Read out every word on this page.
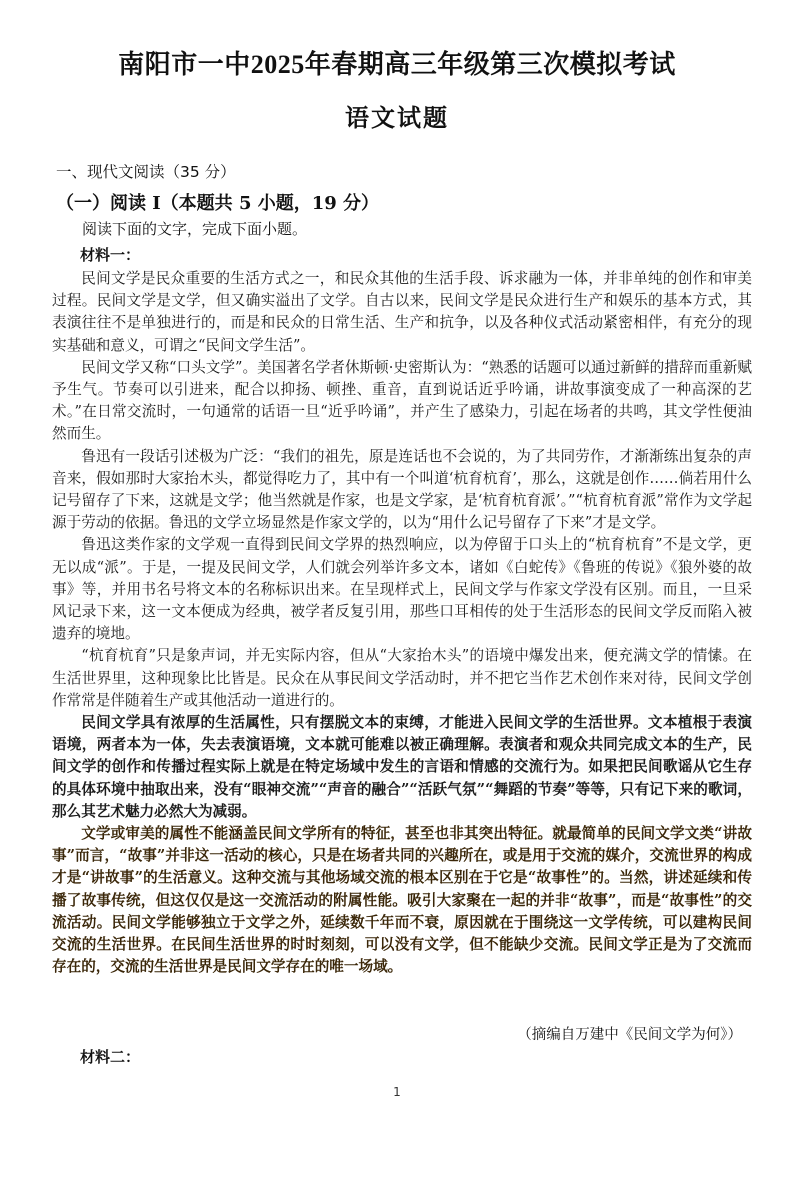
南阳市一中2025年春期高三年级第三次模拟考试
语文试题
一、现代文阅读（35 分）
（一）阅读 I（本题共 5 小题，19 分）
阅读下面的文字，完成下面小题。
材料一：

民间文学是民众重要的生活方式之一，和民众其他的生活手段、诉求融为一体，并非单纯的创作和审美过程。民间文学是文学，但又确实溢出了文学。自古以来，民间文学是民众进行生产和娱乐的基本方式，其表演往往不是单独进行的，而是和民众的日常生活、生产和抗争，以及各种仪式活动紧密相伴，有充分的现实基础和意义，可谓之“民间文学生活”。

民间文学又称“口头文学”。美国著名学者休斯顿·史密斯认为：“熟悉的话题可以通过新鲜的措辞而重新赋予生气。节奏可以引进来，配合以抑扬、顿挫、重音，直到说话近乎吟诵，讲故事演变成了一种高深的艺术。”在日常交流时，一句通常的话语一旦“近乎吟诵”，并产生了感染力，引起在场者的共鸣，其文学性便油然而生。

鲁迅有一段话引述极为广泛：“我们的祖先，原是连话也不会说的，为了共同劳作，才渐渐练出复杂的声音来，假如那时大家抬木头，都觉得吃力了，其中有一个叫道‘杭育杭育’，那么，这就是创作……倘若用什么记号留存了下来，这就是文学；他当然就是作家，也是文学家，是‘杭育杭育派’。”“杭育杭育派”常作为文学起源于劳动的依据。鲁迅的文学立场显然是作家文学的，以为“用什么记号留存了下来”才是文学。

鲁迅这类作家的文学观一直得到民间文学界的热烈响应，以为停留于口头上的“杭育杭育”不是文学，更无以成“派”。于是，一提及民间文学，人们就会列举许多文本，诸如《白蛇传》《鲁班的传说》《狼外婆的故事》等，并用书名号将文本的名称标识出来。在呈现样式上，民间文学与作家文学没有区别。而且，一旦采风记录下来，这一文本便成为经典，被学者反复引用，那些口耳相传的处于生活形态的民间文学反而陷入被遗弃的境地。

“杭育杭育”只是象声词，并无实际内容，但从“大家抬木头”的语境中爆发出来，便充满文学的情愫。在生活世界里，这种现象比比皆是。民众在从事民间文学活动时，并不把它当作艺术创作来对待，民间文学创作常常是伴随着生产或其他活动一道进行的。

民间文学具有浓厚的生活属性，只有摆脱文本的束缚，才能进入民间文学的生活世界。文本植根于表演语境，两者本为一体，失去表演语境，文本就可能难以被正确理解。表演者和观众共同完成文本的生产，民间文学的创作和传播过程实际上就是在特定场域中发生的言语和情感的交流行为。如果把民间歌谣从它生存的具体环境中抽取出来，没有“眼神交流”“声音的融合”“活跃气氛”“舞蹈的节奏”等等，只有记下来的歌词，那么其艺术魅力必然大为减弱。

文学或审美的属性不能涵盖民间文学所有的特征，甚至也非其突出特征。就最简单的民间文学文类“讲故事”而言，“故事”并非这一活动的核心，只是在场者共同的兴趣所在，或是用于交流的媒介，交流世界的构成才是“讲故事”的生活意义。这种交流与其他场域交流的根本区别在于它是“故事性”的。当然，讲述延续和传播了故事传统，但这仅仅是这一交流活动的附属性能。吸引大家聚在一起的并非“故事”，而是“故事性”的交流活动。民间文学能够独立于文学之外，延续数千年而不衰，原因就在于围绕这一文学传统，可以建构民间交流的生活世界。在民间生活世界的时时刻刻，可以没有文学，但不能缺少交流。民间文学正是为了交流而存在的，交流的生活世界是民间文学存在的唯一场域。

（摘编自万建中《民间文学为何》）
材料二：
1
